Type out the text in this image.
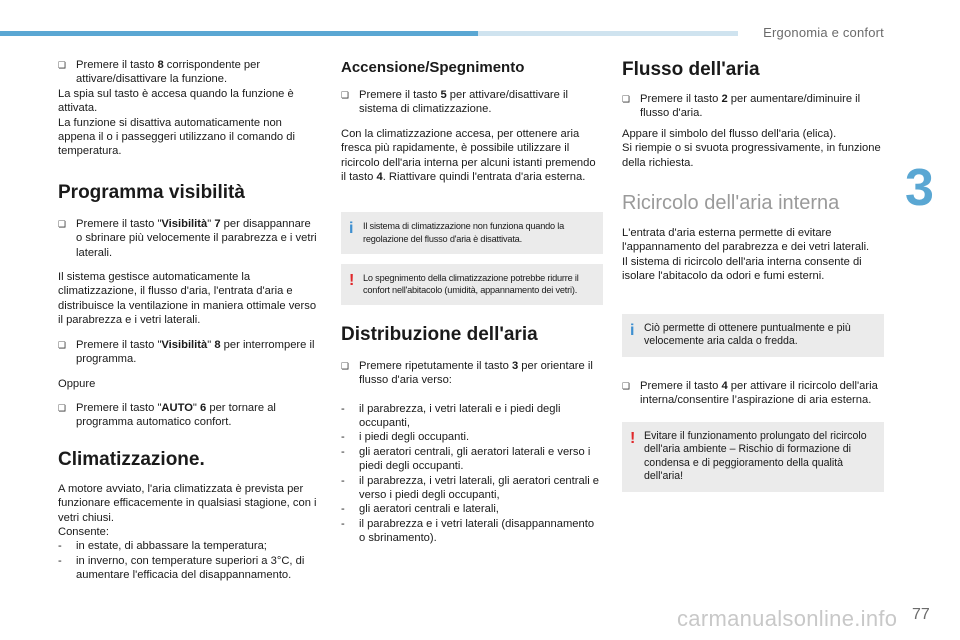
Ergonomia e confort
3
carmanualsonline.info 77
❏ Premere il tasto 8 corrispondente per attivare/disattivare la funzione.

La spia sul tasto è accesa quando la funzione è attivata.

La funzione si disattiva automaticamente non appena il o i passeggeri utilizzano il comando di temperatura.

Programma visibilità
❏ Premere il tasto "Visibilità" 7 per disappannare o sbrinare più velocemente il parabrezza e i vetri laterali.

Il sistema gestisce automaticamente la climatizzazione, il flusso d'aria, l'entrata d'aria e distribuisce la ventilazione in maniera ottimale verso il parabrezza e i vetri laterali.

❏ Premere il tasto "Visibilità" 8 per interrompere il programma.

Oppure

❏ Premere il tasto "AUTO" 6 per tornare al programma automatico confort.
Climatizzazione.

A motore avviato, l'aria climatizzata è prevista per funzionare efficacemente in qualsiasi stagione, con i vetri chiusi.

Consente:

-	in estate, di abbassare la temperatura;
-	in inverno, con temperature superiori a 3°C, di aumentare l'efficacia del disappannamento.
Accensione/Spegnimento
❏ Premere il tasto 5 per attivare/disattivare il sistema di climatizzazione.

Con la climatizzazione accesa, per ottenere aria fresca più rapidamente, è possibile utilizzare il ricircolo dell'aria interna per alcuni istanti premendo il tasto 4. Riattivare quindi l'entrata d'aria esterna.

i Il sistema di climatizzazione non funziona quando la regolazione del flusso d'aria è disattivata.
! Lo spegnimento della climatizzazione potrebbe ridurre il confort nell'abitacolo (umidità, appannamento dei vetri).
Distribuzione dell'aria
❏ Premere ripetutamente il tasto 3 per orientare il flusso d'aria verso:
-	il parabrezza, i vetri laterali e i piedi degli occupanti,
-	i piedi degli occupanti.
-	gli aeratori centrali, gli aeratori laterali e verso i piedi degli occupanti.
-	il parabrezza, i vetri laterali, gli aeratori centrali e verso i piedi degli occupanti,
-	gli aeratori centrali e laterali,
-	il parabrezza e i vetri laterali (disappannamento o sbrinamento).
Flusso dell'aria
❏ Premere il tasto 2 per aumentare/diminuire il flusso d'aria.

Appare il simbolo del flusso dell'aria (elica).

Si riempie o si svuota progressivamente, in funzione della richiesta.

Ricircolo dell'aria interna

L'entrata d'aria esterna permette di evitare l'appannamento del parabrezza e dei vetri laterali.

Il sistema di ricircolo dell'aria interna consente di isolare l'abitacolo da odori e fumi esterni.

i Ciò permette di ottenere puntualmente e più velocemente aria calda o fredda.
❏ Premere il tasto 4 per attivare il ricircolo dell'aria interna/consentire l’aspirazione di aria esterna.
! Evitare il funzionamento prolungato del ricircolo dell'aria ambiente – Rischio di formazione di condensa e di peggioramento della qualità dell'aria!
